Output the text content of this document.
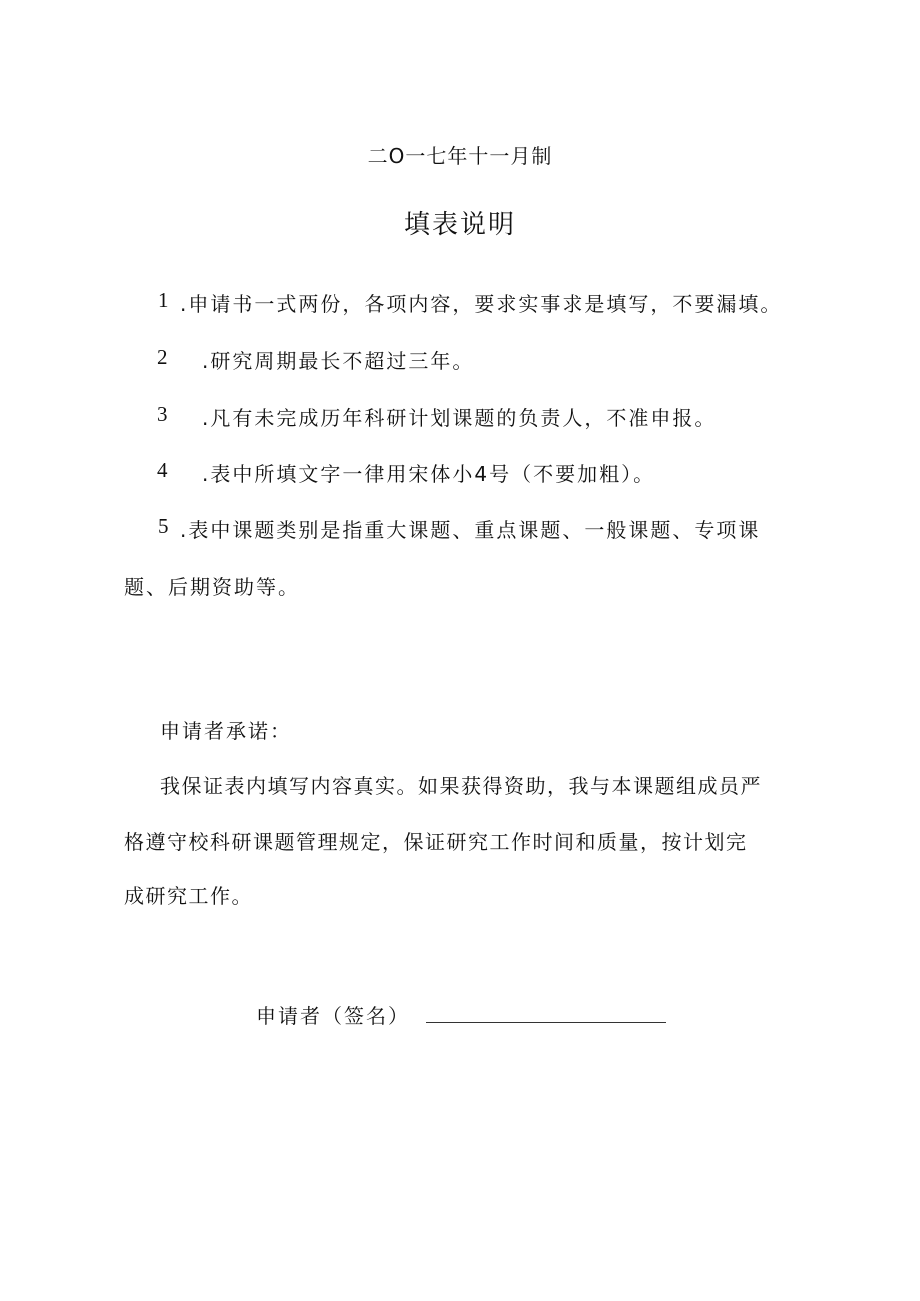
二O一七年十一月制
填表说明
1 .申请书一式两份，各项内容，要求实事求是填写，不要漏填。
2 .研究周期最长不超过三年。
3 .凡有未完成历年科研计划课题的负责人，不准申报。
4 .表中所填文字一律用宋体小4号（不要加粗）。
5 .表中课题类别是指重大课题、重点课题、一般课题、专项课
题、后期资助等。
申请者承诺：
我保证表内填写内容真实。如果获得资助，我与本课题组成员严
格遵守校科研课题管理规定，保证研究工作时间和质量，按计划完
成研究工作。
申请者（签名）
